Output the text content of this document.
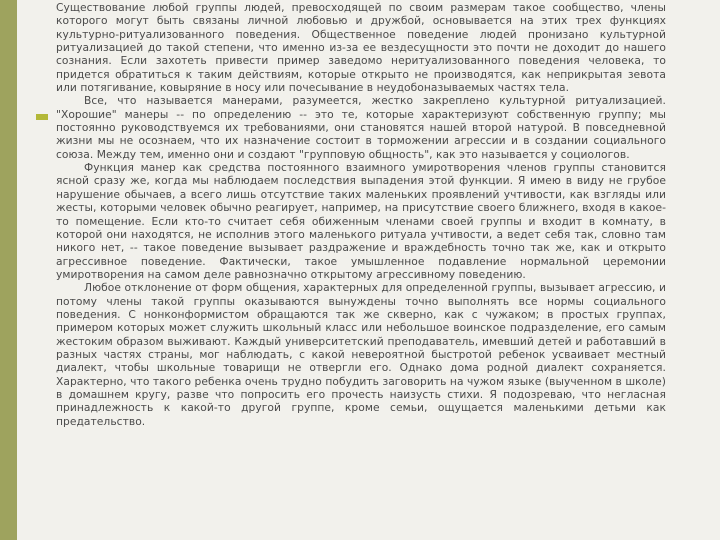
Существование любой группы людей, превосходящей по своим размерам такое сообщество, члены которого могут быть связаны личной любовью и дружбой, основывается на этих трех функциях культурно-ритуализованного поведения. Общественное поведение людей пронизано культурной ритуализацией до такой степени, что именно из-за ее вездесущности это почти не доходит до нашего сознания. Если захотеть привести пример заведомо неритуализованного поведения человека, то придется обратиться к таким действиям, которые открыто не производятся, как неприкрытая зевота или потягивание, ковыряние в носу или почесывание в неудобоназываемых частях тела.

Все, что называется манерами, разумеется, жестко закреплено культурной ритуализацией. "Хорошие" манеры -- по определению -- это те, которые характеризуют собственную группу; мы постоянно руководствуемся их требованиями, они становятся нашей второй натурой. В повседневной жизни мы не осознаем, что их назначение состоит в торможении агрессии и в создании социального союза. Между тем, именно они и создают "групповую общность", как это называется у социологов.

Функция манер как средства постоянного взаимного умиротворения членов группы становится ясной сразу же, когда мы наблюдаем последствия выпадения этой функции. Я имею в виду не грубое нарушение обычаев, а всего лишь отсутствие таких маленьких проявлений учтивости, как взгляды или жесты, которыми человек обычно реагирует, например, на присутствие своего ближнего, входя в какое-то помещение. Если кто-то считает себя обиженным членами своей группы и входит в комнату, в которой они находятся, не исполнив этого маленького ритуала учтивости, а ведет себя так, словно там никого нет, -- такое поведение вызывает раздражение и враждебность точно так же, как и открыто агрессивное поведение. Фактически, такое умышленное подавление нормальной церемонии умиротворения на самом деле равнозначно открытому агрессивному поведению.

Любое отклонение от форм общения, характерных для определенной группы, вызывает агрессию, и потому члены такой группы оказываются вынуждены точно выполнять все нормы социального поведения. С нонконформистом обращаются так же скверно, как с чужаком; в простых группах, примером которых может служить школьный класс или небольшое воинское подразделение, его самым жестоким образом выживают. Каждый университетский преподаватель, имевший детей и работавший в разных частях страны, мог наблюдать, с какой невероятной быстротой ребенок усваивает местный диалект, чтобы школьные товарищи не отвергли его. Однако дома родной диалект сохраняется. Характерно, что такого ребенка очень трудно побудить заговорить на чужом языке (выученном в школе) в домашнем кругу, разве что попросить его прочесть наизусть стихи. Я подозреваю, что негласная принадлежность к какой-то другой группе, кроме семьи, ощущается маленькими детьми как предательство.
